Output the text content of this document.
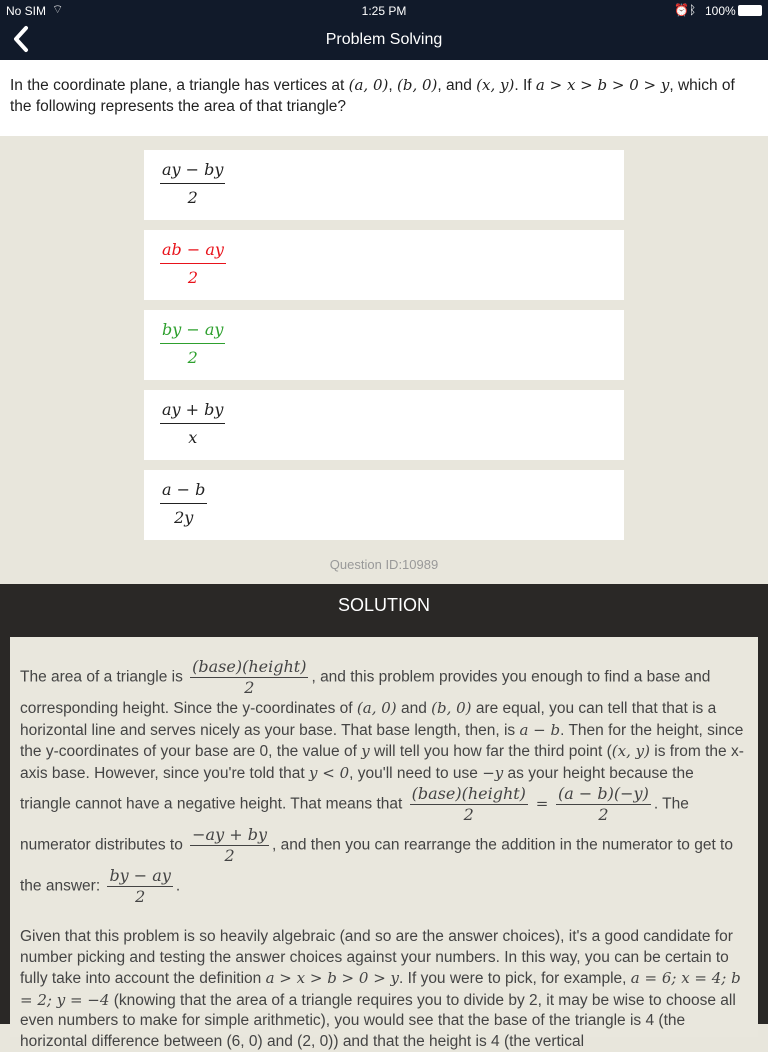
No SIM ⌔	1:25 PM	⏰ ᛒ 100%
Problem Solving
In the coordinate plane, a triangle has vertices at (a, 0), (b, 0), and (x, y). If a > x > b > 0 > y, which of the following represents the area of that triangle?
$\frac{ay - by}{2}$
$\frac{ab - ay}{2}$
$\frac{by - ay}{2}$
$\frac{ay + by}{x}$
$\frac{a - b}{2y}$
Question ID:10989
SOLUTION

The area of a triangle is $\frac{\text{(base)(height)}}{2}$ , and this problem provides you enough to find a base and corresponding height. Since the y-coordinates of (a, 0) and (b, 0) are equal, you can tell that that is a horizontal line and serves nicely as your base. That base length, then, is a − b. Then for the height, since the y-coordinates of your base are 0, the value of y will tell you how far the third point ((x, y) is from the x-axis base. However, since you're told that y < 0, you'll need to use −y as your height because the triangle cannot have a negative height. That means that $\frac{\text{(base)(height)}}{2} = \frac{(a - b)(-y)}{2}$ . The numerator distributes to $\frac{-ay + by}{2}$ , and then you can rearrange the addition in the numerator to get to the answer: $\frac{by - ay}{2}$ .

Given that this problem is so heavily algebraic (and so are the answer choices), it's a good candidate for number picking and testing the answer choices against your numbers. In this way, you can be certain to fully take into account the definition a > x > b > 0 > y. If you were to pick, for example, a = 6; x = 4; b = 2; y = −4 (knowing that the area of a triangle requires you to divide by 2, it may be wise to choose all even numbers to make for simple arithmetic), you would see that the base of the triangle is 4 (the horizontal difference between (6, 0) and (2, 0)) and that the height is 4 (the vertical
